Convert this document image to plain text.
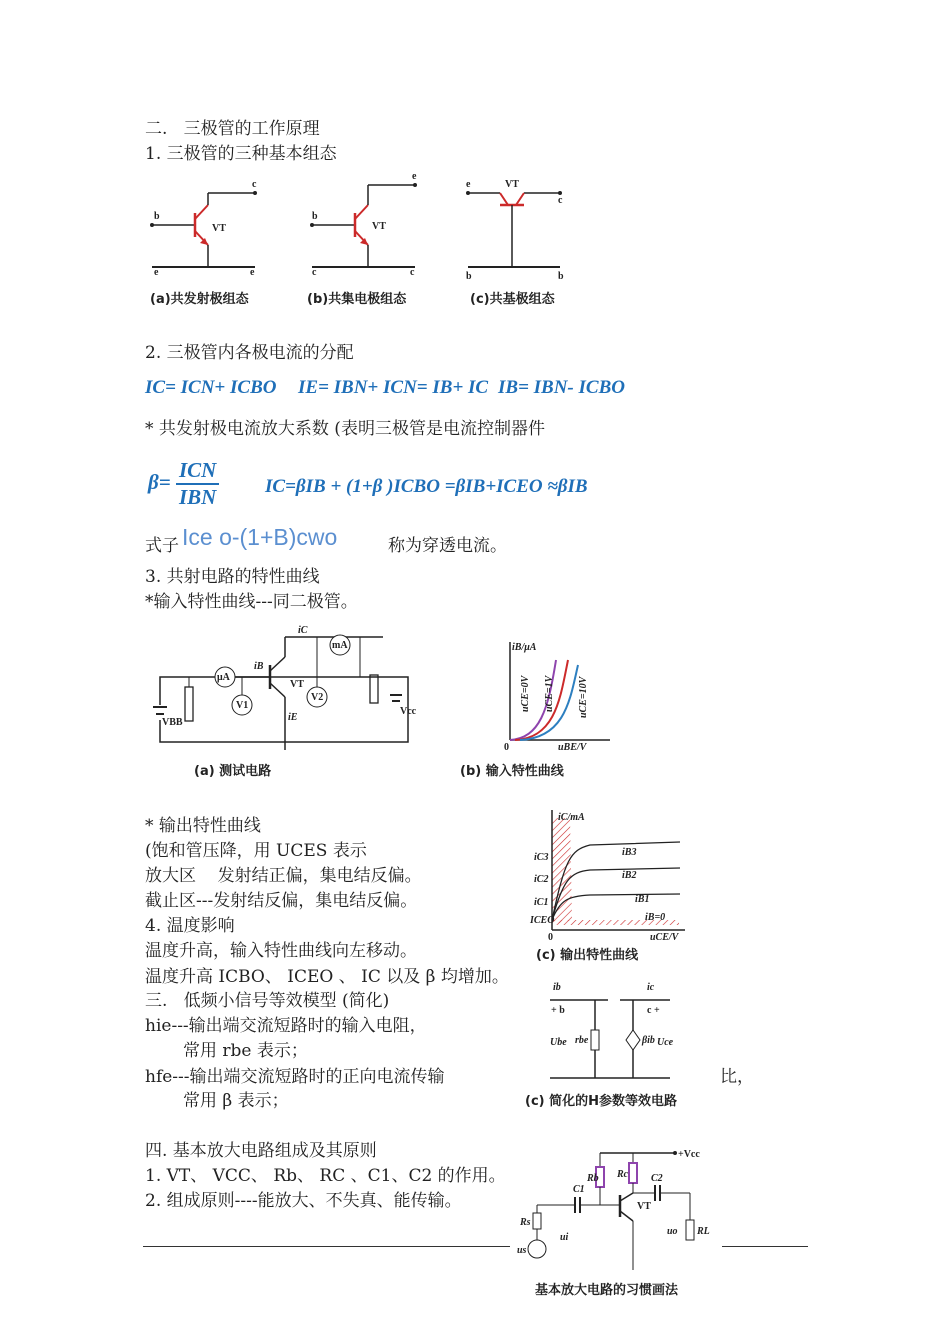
二.   三极管的工作原理
1. 三极管的三种基本组态
b
c
e	e
VT
b
e
c	c
VT
e
c
VT
b	b
(a)共发射极组态	(b)共集电极组态	(c)共基极组态
2. 三极管内各极电流的分配
IC= ICN+ ICBO IE= IBN+ ICN= IB+ IC IB= IBN- ICBO
* 共发射极电流放大系数 (表明三极管是电流控制器件
$\beta= \frac{\text{ICN}}{\text{IBN}} IC=\beta IB + (1+\beta$ )ICBO =βIB+ICEO ≈βIB
式子 Ice o-(1+B)cwo	称为穿透电流。
3. 共射电路的特性曲线
*输入特性曲线---同二极管。
VBB
μA
V1
VT
iB
iE
iC
V2
mA
Vcc
(a) 测试电路
iB/μA
0	uBE/V
uCE=0V uCE=1V uCE=10V
(b) 输入特性曲线
* 输出特性曲线
(饱和管压降，用 UCES 表示
放大区    发射结正偏，集电结反偏。
截止区---发射结反偏，集电结反偏。
4. 温度影响
温度升高，输入特性曲线向左移动。
温度升高 ICBO、 ICEO 、 IC 以及 β 均增加。
iC/mA
uCE/V
0
iC3
iC2
iC1
ICEO
iB3
iB2
iB1
iB=0
(c) 输出特性曲线
三.   低频小信号等效模型 (简化)
hie---输出端交流短路时的输入电阻，
常用 rbe 表示；
hfe---输出端交流短路时的正向电流传输	比，
常用 β 表示；
ib	ic
+ b	c +
Ube rbe	βib Uce
(c) 简化的H参数等效电路
四. 基本放大电路组成及其原则
1. VT、 VCC、 Rb、 RC 、C1、C2 的作用。
2. 组成原则----能放大、不失真、能传输。
+Vcc
Rb Rc
C1
VT
C2
RL
uo
Rs
us
ui
基本放大电路的习惯画法
